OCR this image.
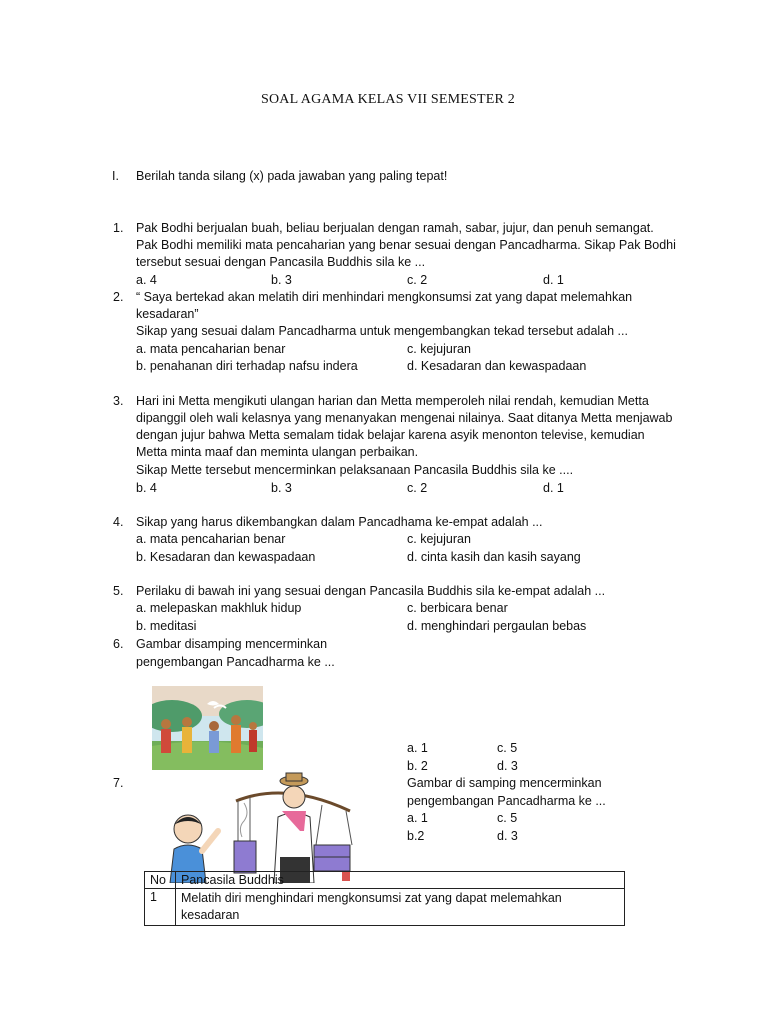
SOAL AGAMA KELAS VII SEMESTER 2
I. Berilah tanda silang (x) pada jawaban yang paling tepat!
1. Pak Bodhi berjualan buah, beliau berjualan dengan ramah, sabar, jujur, dan penuh semangat.
Pak Bodhi memiliki mata pencaharian yang benar sesuai dengan Pancadharma. Sikap Pak Bodhi
tersebut sesuai dengan Pancasila Buddhis sila ke ...
a. 4	b. 3	c. 2	d. 1
2. “ Saya bertekad akan melatih diri menhindari mengkonsumsi zat yang dapat melemahkan
kesadaran”
Sikap yang sesuai dalam Pancadharma untuk mengembangkan tekad tersebut adalah ...
a. mata pencaharian benar	c. kejujuran
b. penahanan diri terhadap nafsu indera	d. Kesadaran dan kewaspadaan
3. Hari ini Metta mengikuti ulangan harian dan Metta memperoleh nilai rendah, kemudian Metta
dipanggil oleh wali kelasnya yang menanyakan mengenai nilainya. Saat ditanya Metta menjawab
dengan jujur bahwa Metta semalam tidak belajar karena asyik menonton televise, kemudian
Metta minta maaf dan meminta ulangan perbaikan.
Sikap Mette tersebut mencerminkan pelaksanaan Pancasila Buddhis sila ke ....
b. 4	b. 3	c. 2	d. 1
4. Sikap yang harus dikembangkan dalam Pancadhama ke-empat adalah ...
a. mata pencaharian benar	c. kejujuran
b. Kesadaran dan kewaspadaan	d. cinta kasih dan kasih sayang
5. Perilaku di bawah ini yang sesuai dengan Pancasila Buddhis sila ke-empat adalah ...
a. melepaskan makhluk hidup	c. berbicara benar
b. meditasi	d. menghindari pergaulan bebas
6. Gambar disamping mencerminkan
pengembangan Pancadharma ke ...
a. 1	c. 5
b. 2	d. 3
7.	Gambar di samping mencerminkan
pengembangan Pancadharma ke ...
a. 1	c. 5
b.2	d. 3
No	Pancasila Buddhis
1	Melatih diri menghindari mengkonsumsi zat yang dapat melemahkan kesadaran
